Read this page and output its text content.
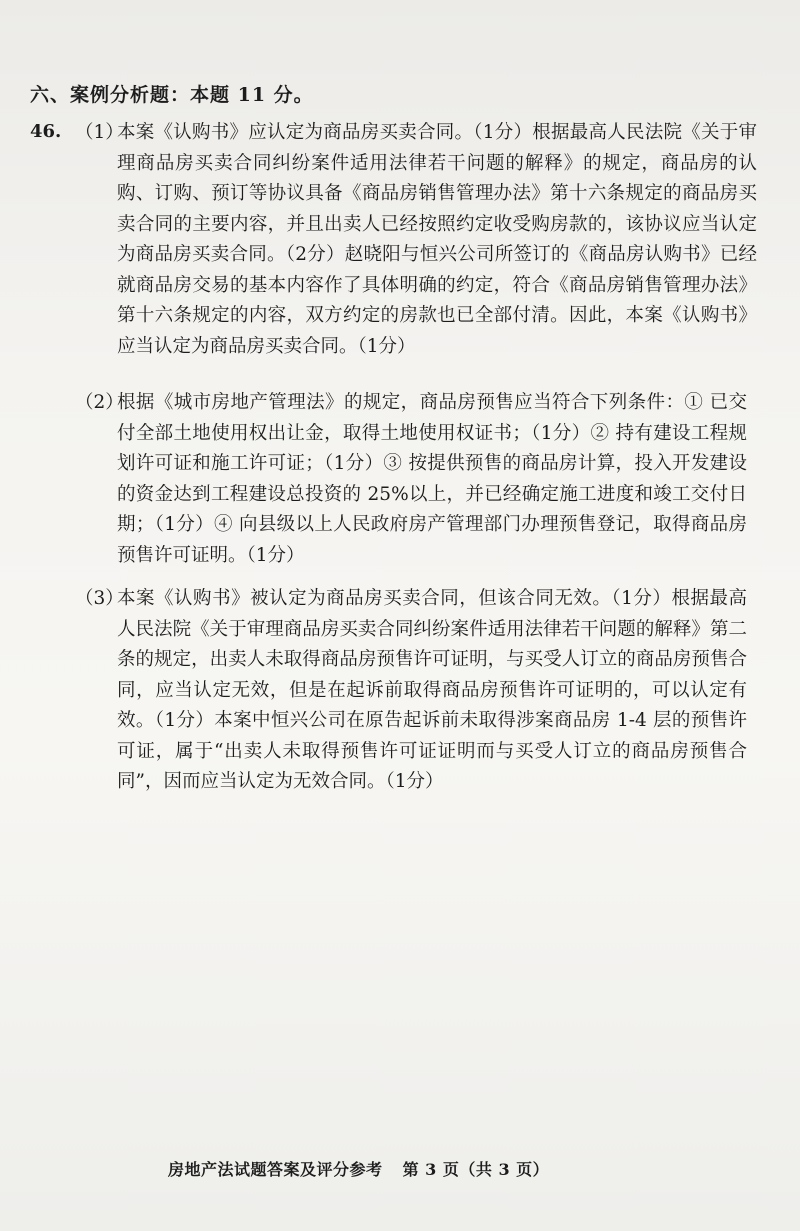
六、案例分析题：本题 11 分。
46. （1）

本案《认购书》应认定为商品房买卖合同。（1分）根据最高人民法院《关于审理商品房买卖合同纠纷案件适用法律若干问题的解释》的规定，商品房的认购、订购、预订等协议具备《商品房销售管理办法》第十六条规定的商品房买卖合同的主要内容，并且出卖人已经按照约定收受购房款的，该协议应当认定为商品房买卖合同。（2分）赵晓阳与恒兴公司所签订的《商品房认购书》已经就商品房交易的基本内容作了具体明确的约定，符合《商品房销售管理办法》第十六条规定的内容，双方约定的房款也已全部付清。因此，本案《认购书》应当认定为商品房买卖合同。（1分）

（2）

根据《城市房地产管理法》的规定，商品房预售应当符合下列条件：① 已交付全部土地使用权出让金，取得土地使用权证书；（1分）② 持有建设工程规划许可证和施工许可证；（1分）③ 按提供预售的商品房计算，投入开发建设的资金达到工程建设总投资的 25%以上，并已经确定施工进度和竣工交付日期；（1分）④ 向县级以上人民政府房产管理部门办理预售登记，取得商品房预售许可证明。（1分）

（3）

本案《认购书》被认定为商品房买卖合同，但该合同无效。（1分）根据最高人民法院《关于审理商品房买卖合同纠纷案件适用法律若干问题的解释》第二条的规定，出卖人未取得商品房预售许可证明，与买受人订立的商品房预售合同，应当认定无效，但是在起诉前取得商品房预售许可证明的，可以认定有效。（1分）本案中恒兴公司在原告起诉前未取得涉案商品房 1-4 层的预售许可证，属于“出卖人未取得预售许可证证明而与买受人订立的商品房预售合同”，因而应当认定为无效合同。（1分）

房地产法试题答案及评分参考 第 3 页（共 3 页）
